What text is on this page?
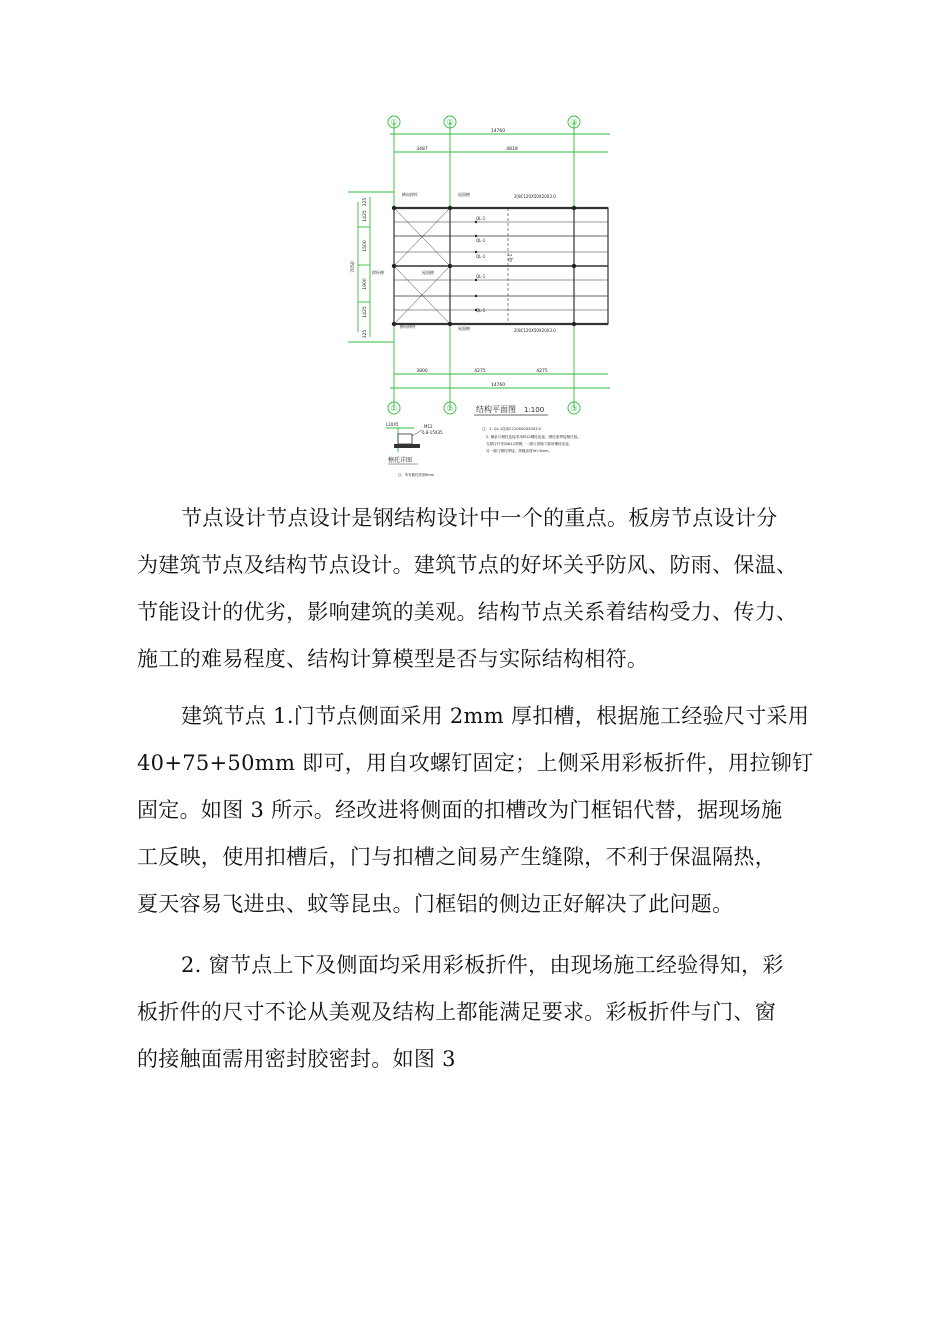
①	②	③
①	②	③
14760
3487	4818
3800	4275	4275
14760
7050
325
1425
1500
1900
1425
325
2[8C120X50X20X3.0
2[8C120X50X20X3.0
QL-1
QL-1
QL-1
QL-1
QL-1
GJ-1
横向撑杆	屋面檩
撑杆檩	屋面檩
横向撑杆	屋面檩
结构平面图 1:100
注：1. QL-1选用C120X50X20X3.0
2. 檩条与钢柱连接采用M12螺栓连接，钢柱需焊接檩托板。
支撑拉杆采用Φ12圆钢，一端与屋檩下端用螺栓连接，
另一端与钢柱焊接，焊缝高度hf=3mm。
L10X5	M12
6.8-15X35
檩托详图
注：所有檩托厚度6mm

节点设计节点设计是钢结构设计中一个的重点。板房节点设计分
为建筑节点及结构节点设计。建筑节点的好坏关乎防风、防雨、保温、
节能设计的优劣，影响建筑的美观。结构节点关系着结构受力、传力、
施工的难易程度、结构计算模型是否与实际结构相符。

建筑节点 1.门节点侧面采用 2mm 厚扣槽，根据施工经验尺寸采用
40+75+50mm 即可，用自攻螺钉固定；上侧采用彩板折件，用拉铆钉
固定。如图 3 所示。经改进将侧面的扣槽改为门框铝代替，据现场施
工反映，使用扣槽后，门与扣槽之间易产生缝隙，不利于保温隔热，
夏天容易飞进虫、蚊等昆虫。门框铝的侧边正好解决了此问题。

2. 窗节点上下及侧面均采用彩板折件，由现场施工经验得知，彩
板折件的尺寸不论从美观及结构上都能满足要求。彩板折件与门、窗
的接触面需用密封胶密封。如图 3
